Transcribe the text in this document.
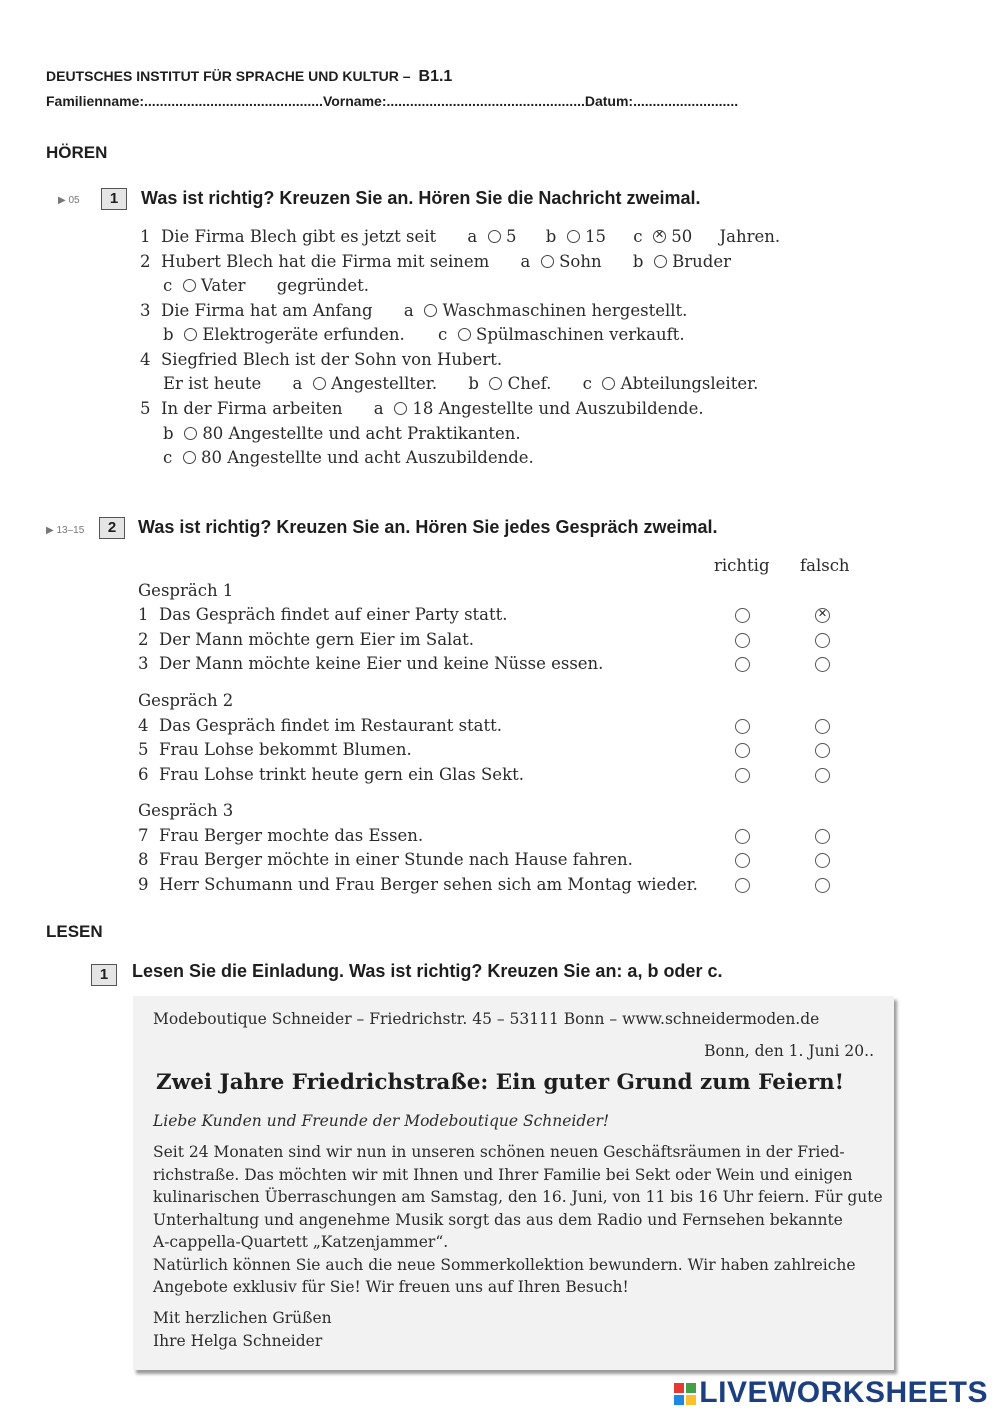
DEUTSCHES INSTITUT FÜR SPRACHE UND KULTUR – B1.1
Familienname:..............................................Vorname:...................................................Datum:...........................
HÖREN
▶ 05	1	Was ist richtig? Kreuzen Sie an. Hören Sie die Nachricht zweimal.
1 Die Firma Blech gibt es jetzt seit a 5 b 15 c  ✕ 50 Jahren.
2 Hubert Blech hat die Firma mit seinem a Sohn b Bruder
c Vater gegründet.
3 Die Firma hat am Anfang a Waschmaschinen hergestellt.
b Elektrogeräte erfunden. c Spülmaschinen verkauft.
4 Siegfried Blech ist der Sohn von Hubert.
Er ist heute a Angestellter. b Chef. c Abteilungsleiter.
5 In der Firma arbeiten a 18 Angestellte und Auszubildende.
b 80 Angestellte und acht Praktikanten.
c 80 Angestellte und acht Auszubildende.
▶ 13–15	2	Was ist richtig? Kreuzen Sie an. Hören Sie jedes Gespräch zweimal.
richtig falsch
Gespräch 1
Gespräch 2
Gespräch 3
1 Das Gespräch findet auf einer Party statt.
✕
2 Der Mann möchte gern Eier im Salat.
3 Der Mann möchte keine Eier und keine Nüsse essen.
4 Das Gespräch findet im Restaurant statt.
5 Frau Lohse bekommt Blumen.
6 Frau Lohse trinkt heute gern ein Glas Sekt.
7 Frau Berger mochte das Essen.
8 Frau Berger möchte in einer Stunde nach Hause fahren.
9 Herr Schumann und Frau Berger sehen sich am Montag wieder.
LESEN
1	Lesen Sie die Einladung. Was ist richtig? Kreuzen Sie an: a, b oder c.
Modeboutique Schneider – Friedrichstr. 45 – 53111 Bonn – www.schneidermoden.de
Bonn, den 1. Juni 20..
Zwei Jahre Friedrichstraße: Ein guter Grund zum Feiern!
Liebe Kunden und Freunde der Modeboutique Schneider!
Seit 24 Monaten sind wir nun in unseren schönen neuen Geschäftsräumen in der Fried-
richstraße. Das möchten wir mit Ihnen und Ihrer Familie bei Sekt oder Wein und einigen
kulinarischen Überraschungen am Samstag, den 16. Juni, von 11 bis 16 Uhr feiern. Für gute
Unterhaltung und angenehme Musik sorgt das aus dem Radio und Fernsehen bekannte
A-cappella-Quartett „Katzenjammer“.
Natürlich können Sie auch die neue Sommerkollektion bewundern. Wir haben zahlreiche
Angebote exklusiv für Sie! Wir freuen uns auf Ihren Besuch!
Mit herzlichen Grüßen
Ihre Helga Schneider
LIVEWORKSHEETS
